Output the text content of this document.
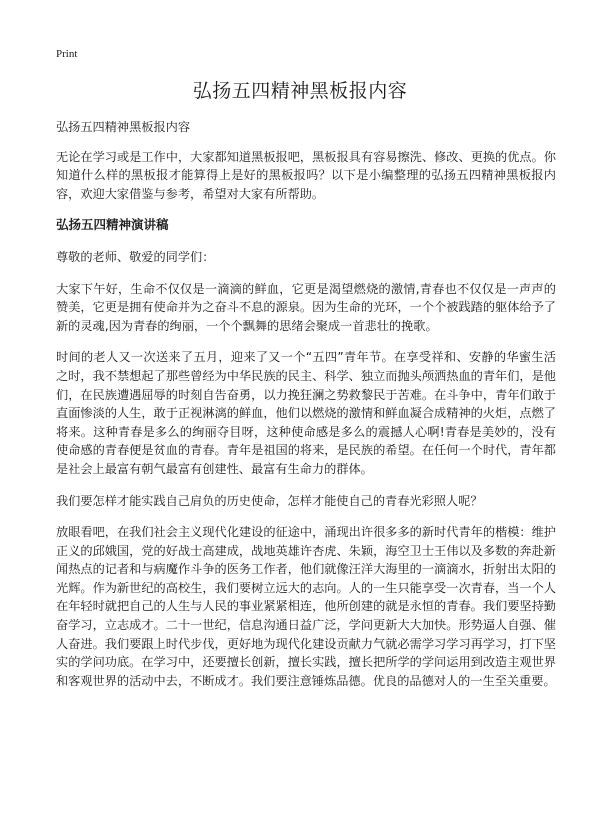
Print
弘扬五四精神黑板报内容

弘扬五四精神黑板报内容

无论在学习或是工作中，大家都知道黑板报吧，黑板报具有容易擦洗、修改、更换的优点。你知道什么样的黑板报才能算得上是好的黑板报吗？以下是小编整理的弘扬五四精神黑板报内容，欢迎大家借鉴与参考，希望对大家有所帮助。

弘扬五四精神演讲稿

尊敬的老师、敬爱的同学们：

大家下午好，生命不仅仅是一滴滴的鲜血，它更是渴望燃烧的激情,青春也不仅仅是一声声的赞美，它更是拥有使命并为之奋斗不息的源泉。因为生命的光环，一个个被践踏的躯体给予了新的灵魂,因为青春的绚丽，一个个飘舞的思绪会聚成一首悲壮的挽歌。

时间的老人又一次送来了五月，迎来了又一个“五四”青年节。在享受祥和、安静的华蜜生活之时，我不禁想起了那些曾经为中华民族的民主、科学、独立而抛头颅洒热血的青年们，是他们，在民族遭遇屈辱的时刻自告奋勇，以力挽狂澜之势救黎民于苦难。在斗争中，青年们敢于直面惨淡的人生，敢于正视淋漓的鲜血，他们以燃烧的激情和鲜血凝合成精神的火炬，点燃了将来。这种青春是多么的绚丽夺目呀，这种使命感是多么的震撼人心啊!青春是美妙的，没有使命感的青春便是贫血的青春。青年是祖国的将来，是民族的希望。在任何一个时代，青年都是社会上最富有朝气最富有创建性、最富有生命力的群体。

我们要怎样才能实践自己肩负的历史使命，怎样才能使自己的青春光彩照人呢？

放眼看吧，在我们社会主义现代化建设的征途中，涌现出许很多多的新时代青年的楷模：维护正义的邱娥国，党的好战士高建成，战地英雄许杏虎、朱颖，海空卫士王伟以及多数的奔赴新闻热点的记者和与病魔作斗争的医务工作者，他们就像汪洋大海里的一滴滴水，折射出太阳的光辉。作为新世纪的高校生，我们要树立远大的志向。人的一生只能享受一次青春，当一个人在年轻时就把自己的人生与人民的事业紧紧相连，他所创建的就是永恒的青春。我们要坚持勤奋学习，立志成才。二十一世纪，信息沟通日益广泛，学问更新大大加快。形势逼人自强、催人奋进。我们要跟上时代步伐，更好地为现代化建设贡献力气就必需学习学习再学习，打下坚实的学问功底。在学习中，还要擅长创新，擅长实践，擅长把所学的学问运用到改造主观世界和客观世界的活动中去，不断成才。我们要注意锤炼品德。优良的品德对人的一生至关重要。
